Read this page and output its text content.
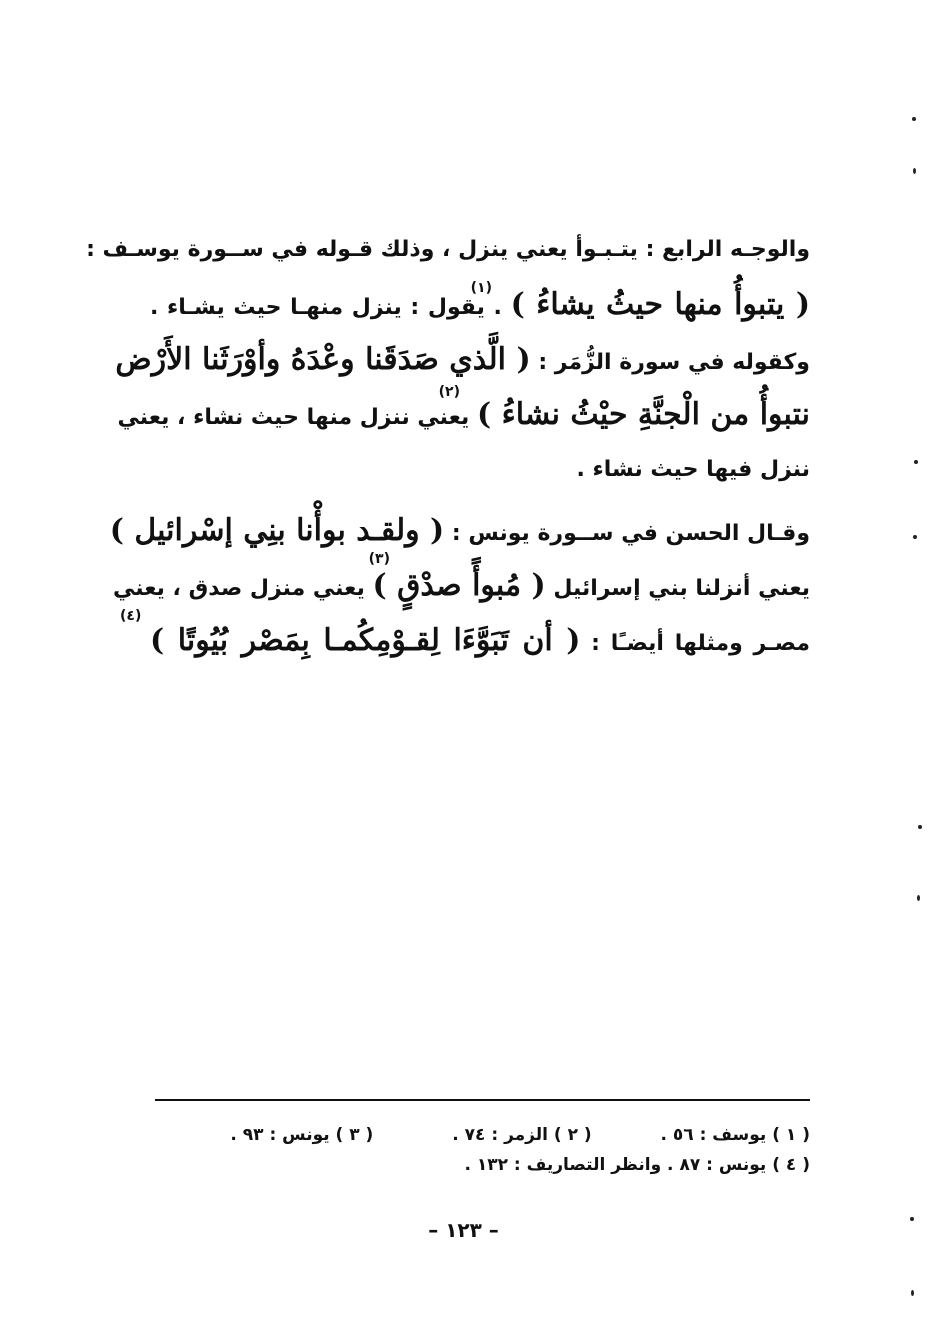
والوجـه الرابع : يتـبـوأ يعني ينزل ، وذلك قـوله في ســورة يوسـف :
( يتبوأُ منها حيثُ يشاءُ ) . يقول : ينزل منهـا حيث يشـاء .
(١)
وكقوله في سورة الزُّمَر : ( الَّذي صَدَقَنا وعْدَهُ وأوْرَثَنا الأَرْض
نتبوأُ من الْجنَّةِ حيْثُ نشاءُ ) يعني ننزل منها حيث نشاء ، يعني
(٢)
ننزل فيها حيث نشاء .
وقـال الحسن في ســورة يونس : ( ولقـد بوأْنا بنِي إسْرائيل )
يعني أنزلنا بني إسرائيل ( مُبوأً صدْقٍ ) يعني منزل صدق ، يعني
(٣)
مصـر ومثلها أيضـًا : ( أن تَبَوَّءَا لِقـوْمِكُمـا بِمَصْر بُيُوتًا )
(٤)
( ١ ) يوسف : ٥٦ .
( ٢ ) الزمر : ٧٤ .
( ٣ ) يونس : ٩٣ .
( ٤ ) يونس : ٨٧ . وانظر التصاريف : ١٣٢ .
– ١٢٣ –
